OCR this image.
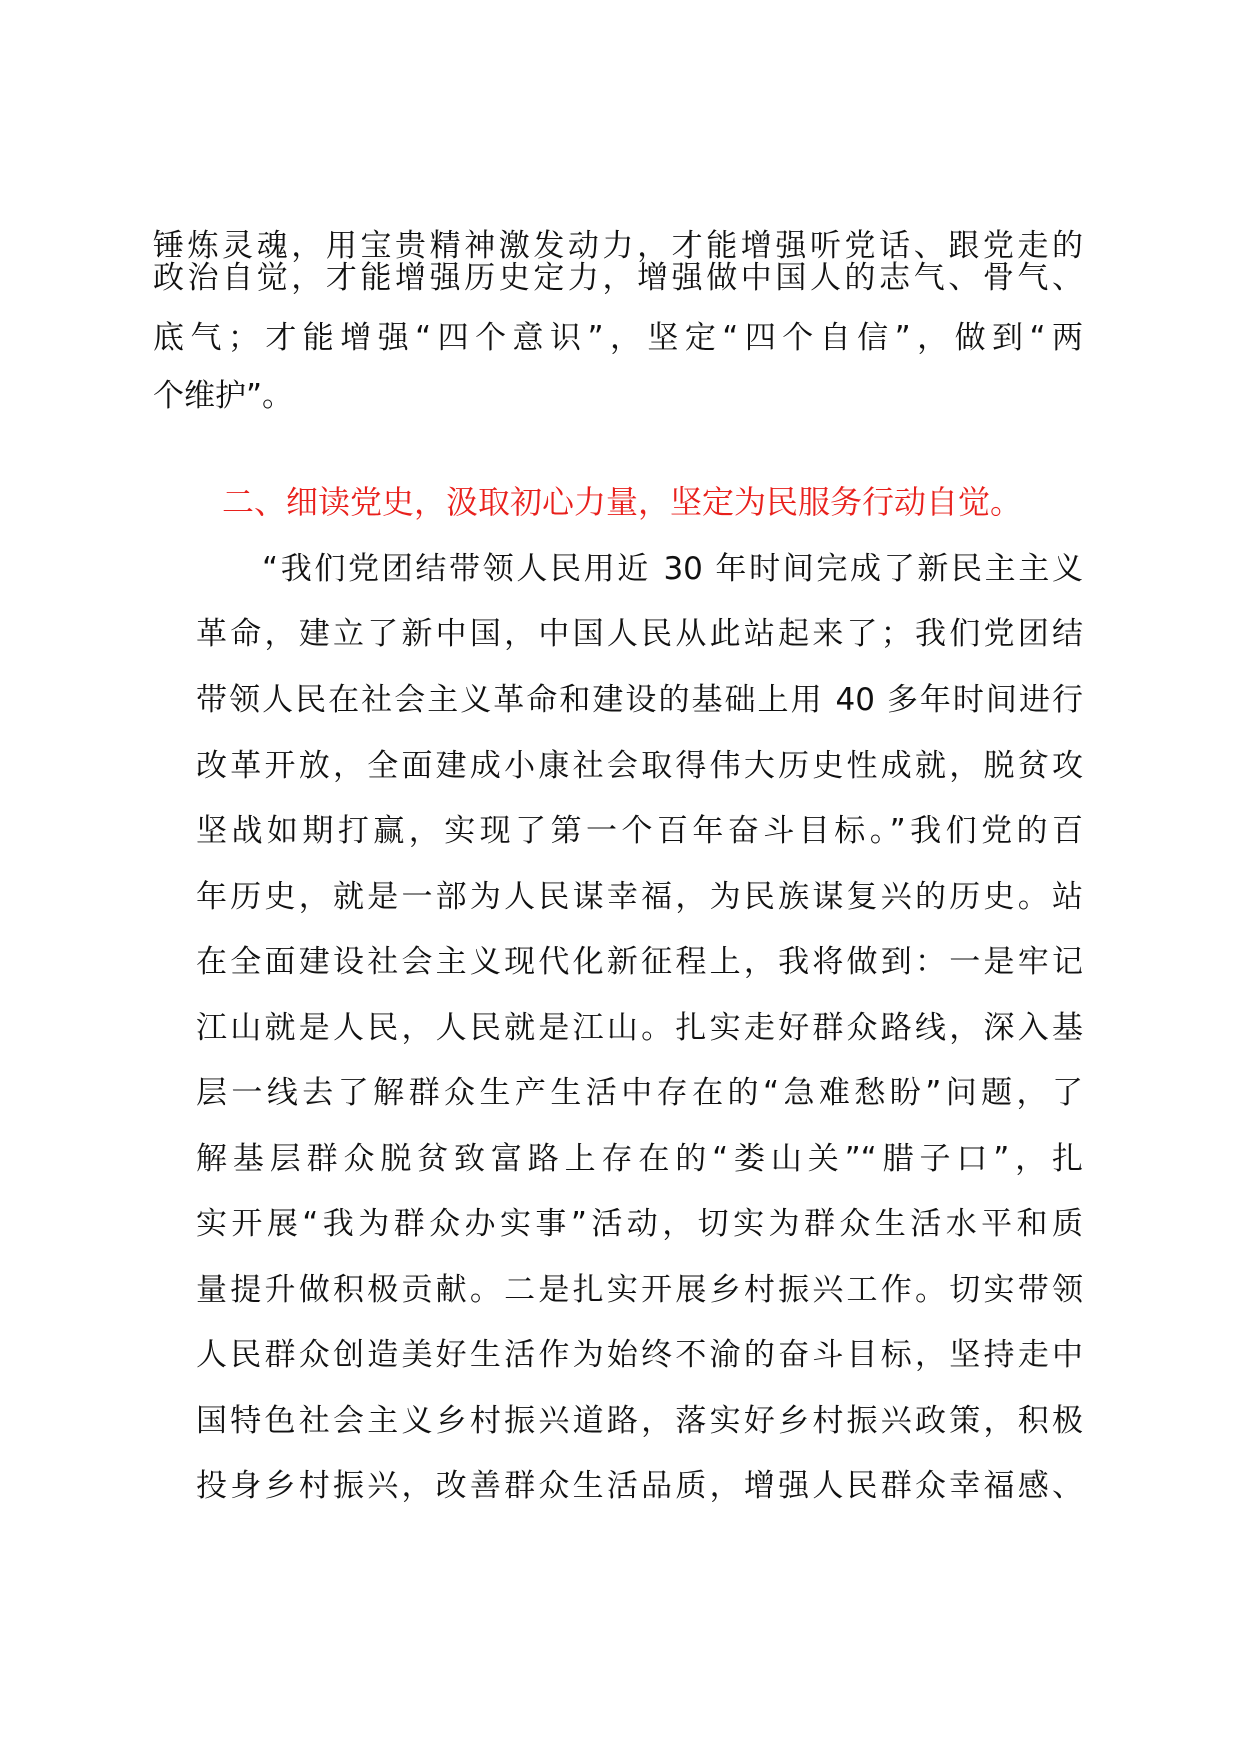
锤炼灵魂，用宝贵精神激发动力，才能增强听党话、跟党走的

政治自觉，才能增强历史定力，增强做中国人的志气、骨气、

底气；才能增强“四个意识”，坚定“四个自信”，做到“两

个维护”。

二、细读党史，汲取初心力量，坚定为民服务行动自觉。

“我们党团结带领人民用近 30 年时间完成了新民主主义

革命，建立了新中国，中国人民从此站起来了；我们党团结

带领人民在社会主义革命和建设的基础上用 40 多年时间进行

改革开放，全面建成小康社会取得伟大历史性成就，脱贫攻

坚战如期打赢，实现了第一个百年奋斗目标。”我们党的百

年历史，就是一部为人民谋幸福，为民族谋复兴的历史。站

在全面建设社会主义现代化新征程上，我将做到：一是牢记

江山就是人民，人民就是江山。扎实走好群众路线，深入基

层一线去了解群众生产生活中存在的“急难愁盼”问题，了

解基层群众脱贫致富路上存在的“娄山关”“腊子口”，扎

实开展“我为群众办实事”活动，切实为群众生活水平和质

量提升做积极贡献。二是扎实开展乡村振兴工作。切实带领

人民群众创造美好生活作为始终不渝的奋斗目标，坚持走中

国特色社会主义乡村振兴道路，落实好乡村振兴政策，积极

投身乡村振兴，改善群众生活品质，增强人民群众幸福感、
